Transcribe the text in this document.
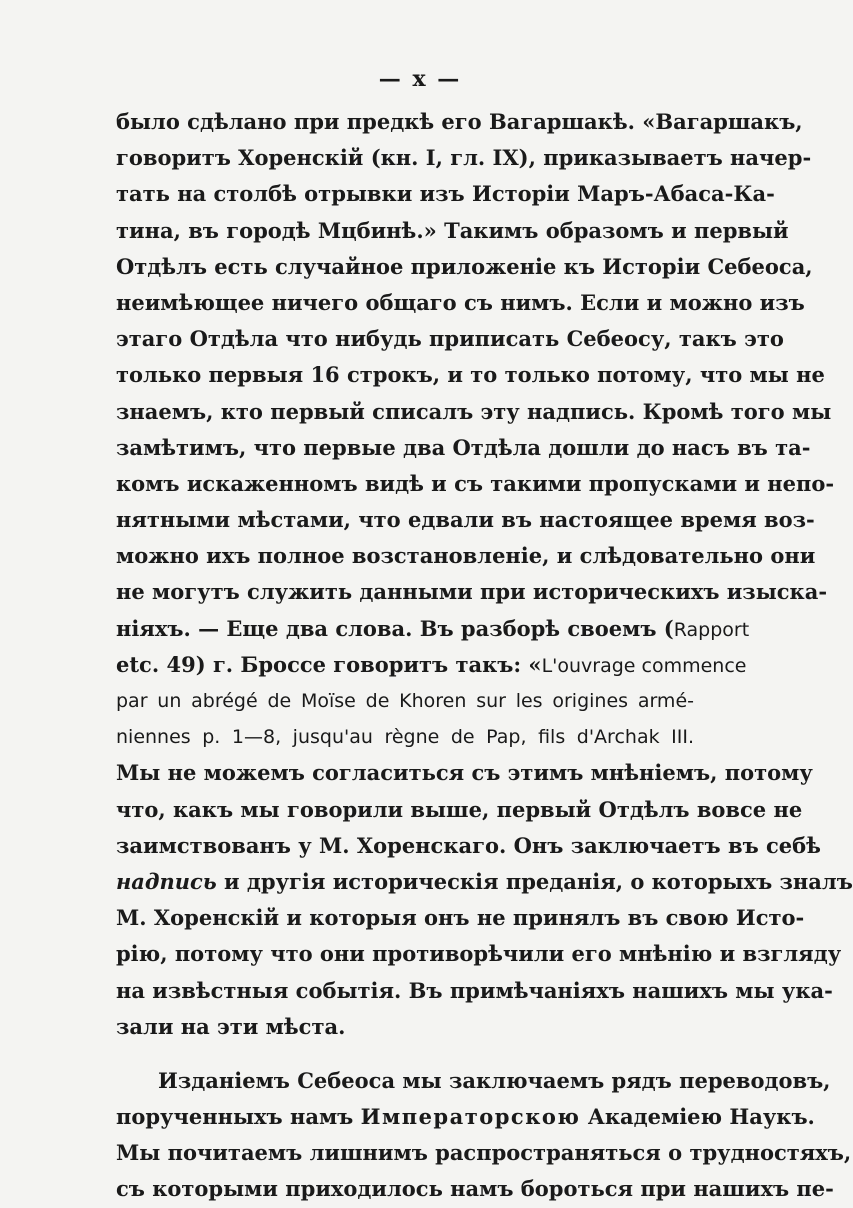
— x —
было сдѣлано при предкѣ его Вагаршакѣ. «Вагаршакъ,
говоритъ Хоренскій (кн. I, гл. IX), приказываетъ начер-
тать на столбѣ отрывки изъ Исторіи Маръ-Абаса-Ка-
тина, въ городѣ Мцбинѣ.» Такимъ образомъ и первый
Отдѣлъ есть случайное приложеніе къ Исторіи Себеоса,
неимѣющее ничего общаго съ нимъ. Если и можно изъ
этаго Отдѣла что нибудь приписать Себеосу, такъ это
только первыя 16 строкъ, и то только потому, что мы не
знаемъ, кто первый списалъ эту надпись. Кромѣ того мы
замѣтимъ, что первые два Отдѣла дошли до насъ въ та-
комъ искаженномъ видѣ и съ такими пропусками и непо-
нятными мѣстами, что едвали въ настоящее время воз-
можно ихъ полное возстановленіе, и слѣдовательно они
не могутъ служить данными при историческихъ изыска-
ніяхъ. — Еще два слова. Въ разборѣ своемъ (Rapport
etc. 49) г. Броссе говоритъ такъ: «L'ouvrage commence
par un abrégé de Moïse de Khoren sur les origines armé-
niennes p. 1—8, jusqu'au règne de Pap, fils d'Archak III.
Мы не можемъ согласиться съ этимъ мнѣніемъ, потому
что, какъ мы говорили выше, первый Отдѣлъ вовсе не
заимствованъ у М. Хоренскаго. Онъ заключаетъ въ себѣ
надпись и другія историческія преданія, о которыхъ зналъ
М. Хоренскій и которыя онъ не принялъ въ свою Исто-
рію, потому что они противорѣчили его мнѣнію и взгляду
на извѣстныя событія. Въ примѣчаніяхъ нашихъ мы ука-
зали на эти мѣста.
Изданіемъ Себеоса мы заключаемъ рядъ переводовъ,
порученныхъ намъ Императорскою Академіею Наукъ.
Мы почитаемъ лишнимъ распространяться о трудностяхъ,
съ которыми приходилось намъ бороться при нашихъ пе-
